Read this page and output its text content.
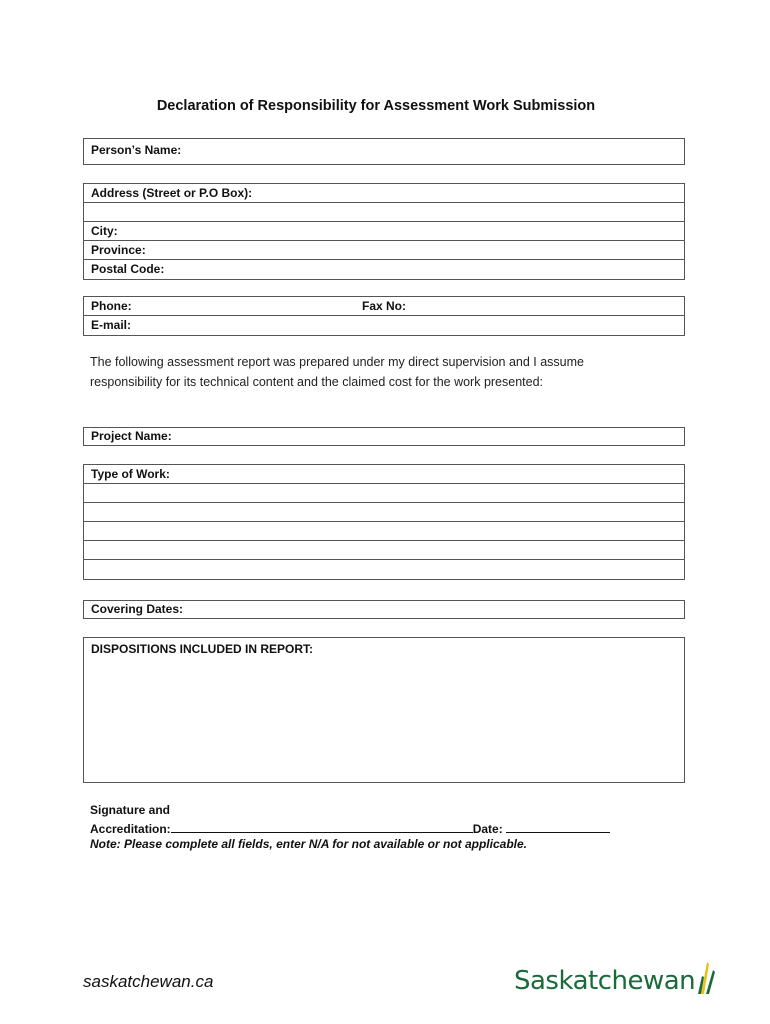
Declaration of Responsibility for Assessment Work Submission
Person’s Name:
Address (Street or P.O Box):
City:
Province:
Postal Code:
Phone:	Fax No:
E-mail:
The following assessment report was prepared under my direct supervision and I assume responsibility for its technical content and the claimed cost for the work presented:
Project Name:
Type of Work:
Covering Dates:
DISPOSITIONS INCLUDED IN REPORT:
Signature and
Accreditation:	Date:
Note: Please complete all fields, enter N/A for not available or not applicable.
saskatchewan.ca	Saskatchewan
